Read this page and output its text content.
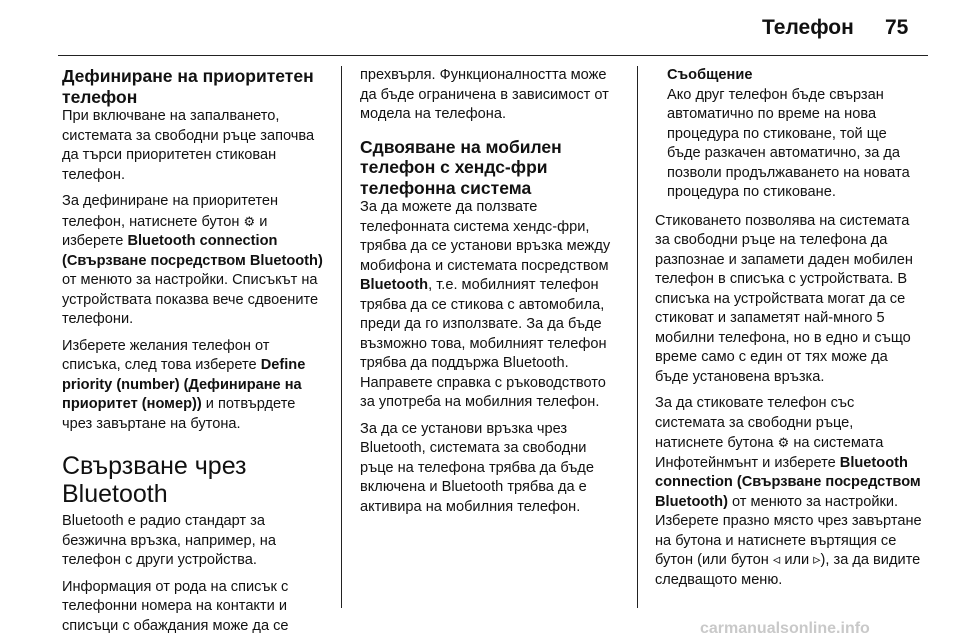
Телефон 75
Дефиниране на приоритетен телефон

При включване на запалването, системата за свободни ръце започва да търси приоритетен стикован телефон.

За дефиниране на приоритетен телефон, натиснете бутон ⚙ и изберете Bluetooth connection (Свързване посредством Bluetooth) от менюто за настройки. Списъкът на устройствата показва вече сдвоените телефони.

Изберете желания телефон от списъка, след това изберете Define priority (number) (Дефиниране на приоритет (номер)) и потвърдете чрез завъртане на бутона.

Свързване чрез Bluetooth

Bluetooth е радио стандарт за безжична връзка, например, на телефон с други устройства.

Информация от рода на списък с телефонни номера на контакти и списъци с обаждания може да се

прехвърля. Функционалността може да бъде ограничена в зависимост от модела на телефона.

Сдвояване на мобилен телефон с хендс-фри телефонна система

За да можете да ползвате телефонната система хендс-фри, трябва да се установи връзка между мобифона и системата посредством Bluetooth, т.е. мобилният телефон трябва да се стикова с автомобила, преди да го използвате. За да бъде възможно това, мобилният телефон трябва да поддържа Bluetooth. Направете справка с ръководството за употреба на мобилния телефон.

За да се установи връзка чрез Bluetooth, системата за свободни ръце на телефона трябва да бъде включена и Bluetooth трябва да е активира на мобилния телефон.

Съобщение
Ако друг телефон бъде свързан автоматично по време на нова процедура по стиковане, той ще бъде разкачен автоматично, за да позволи продължаването на новата процедура по стиковане.

Стиковането позволява на системата за свободни ръце на телефона да разпознае и запамети даден мобилен телефон в списъка с устройствата. В списъка на устройствата могат да се стиковат и запаметят най-много 5 мобилни телефона, но в едно и също време само с един от тях може да бъде установена връзка.

За да стиковате телефон със системата за свободни ръце, натиснете бутона ⚙ на системата Инфотейнмънт и изберете Bluetooth connection (Свързване посредством Bluetooth) от менюто за настройки. Изберете празно място чрез завъртане на бутона и натиснете въртящия се бутон (или бутон ◃ или ▹), за да видите следващото меню.

carmanualsonline.info
